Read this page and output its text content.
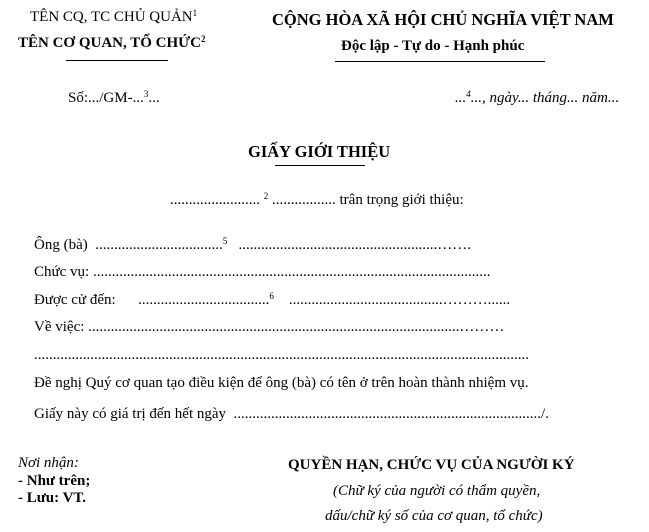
TÊN CQ, TC CHỦ QUẢN$^1$
TÊN CƠ QUAN, TỔ CHỨC$^2$
CỘNG HÒA XÃ HỘI CHỦ NGHĨA VIỆT NAM
Độc lập - Tự do - Hạnh phúc
Số:.../GM-...$^3$...	...$^4$..., ngày... tháng... năm...
GIẤY GIỚI THIỆU
........................ $^2$ ................. trân trọng giới thiệu:
Ông (bà) ..................................$^5$ .....................................................…….
Chức vụ: ..........................................................................................................
Được cử đến: ...................................$^6$ .........................................………......
Về việc: ...................................................................................................………
....................................................................................................................................
Đề nghị Quý cơ quan tạo điều kiện để ông (bà) có tên ở trên hoàn thành nhiệm vụ.
Giấy này có giá trị đến hết ngày ................................................................................../.
Nơi nhận:
- Như trên;
- Lưu: VT.
QUYỀN HẠN, CHỨC VỤ CỦA NGƯỜI KÝ
(Chữ ký của người có thẩm quyền,
dấu/chữ ký số của cơ quan, tổ chức)
